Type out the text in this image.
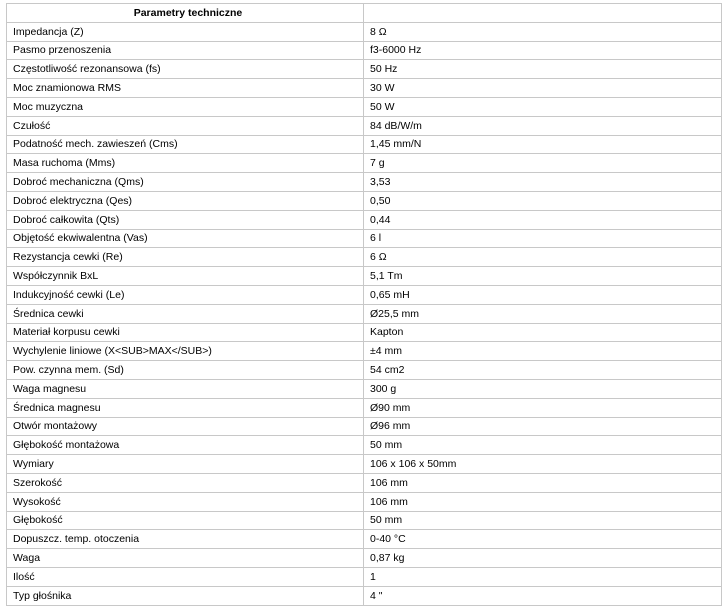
Parametry techniczne	
Impedancja (Z)	8 Ω
Pasmo przenoszenia	f3-6000 Hz
Częstotliwość rezonansowa (fs)	50 Hz
Moc znamionowa RMS	30 W
Moc muzyczna	50 W
Czułość	84 dB/W/m
Podatność mech. zawieszeń (Cms)	1,45 mm/N
Masa ruchoma (Mms)	7 g
Dobroć mechaniczna (Qms)	3,53
Dobroć elektryczna (Qes)	0,50
Dobroć całkowita (Qts)	0,44
Objętość ekwiwalentna (Vas)	6 l
Rezystancja cewki (Re)	6 Ω
Współczynnik BxL	5,1 Tm
Indukcyjność cewki (Le)	0,65 mH
Średnica cewki	Ø25,5 mm
Materiał korpusu cewki	Kapton
Wychylenie liniowe (X<SUB>MAX</SUB>)	±4 mm
Pow. czynna mem. (Sd)	54 cm2
Waga magnesu	300 g
Średnica magnesu	Ø90 mm
Otwór montażowy	Ø96 mm
Głębokość montażowa	50 mm
Wymiary	106 x 106 x 50mm
Szerokość	106 mm
Wysokość	106 mm
Głębokość	50 mm
Dopuszcz. temp. otoczenia	0-40 °C
Waga	0,87 kg
Ilość	1
Typ głośnika	4 "
